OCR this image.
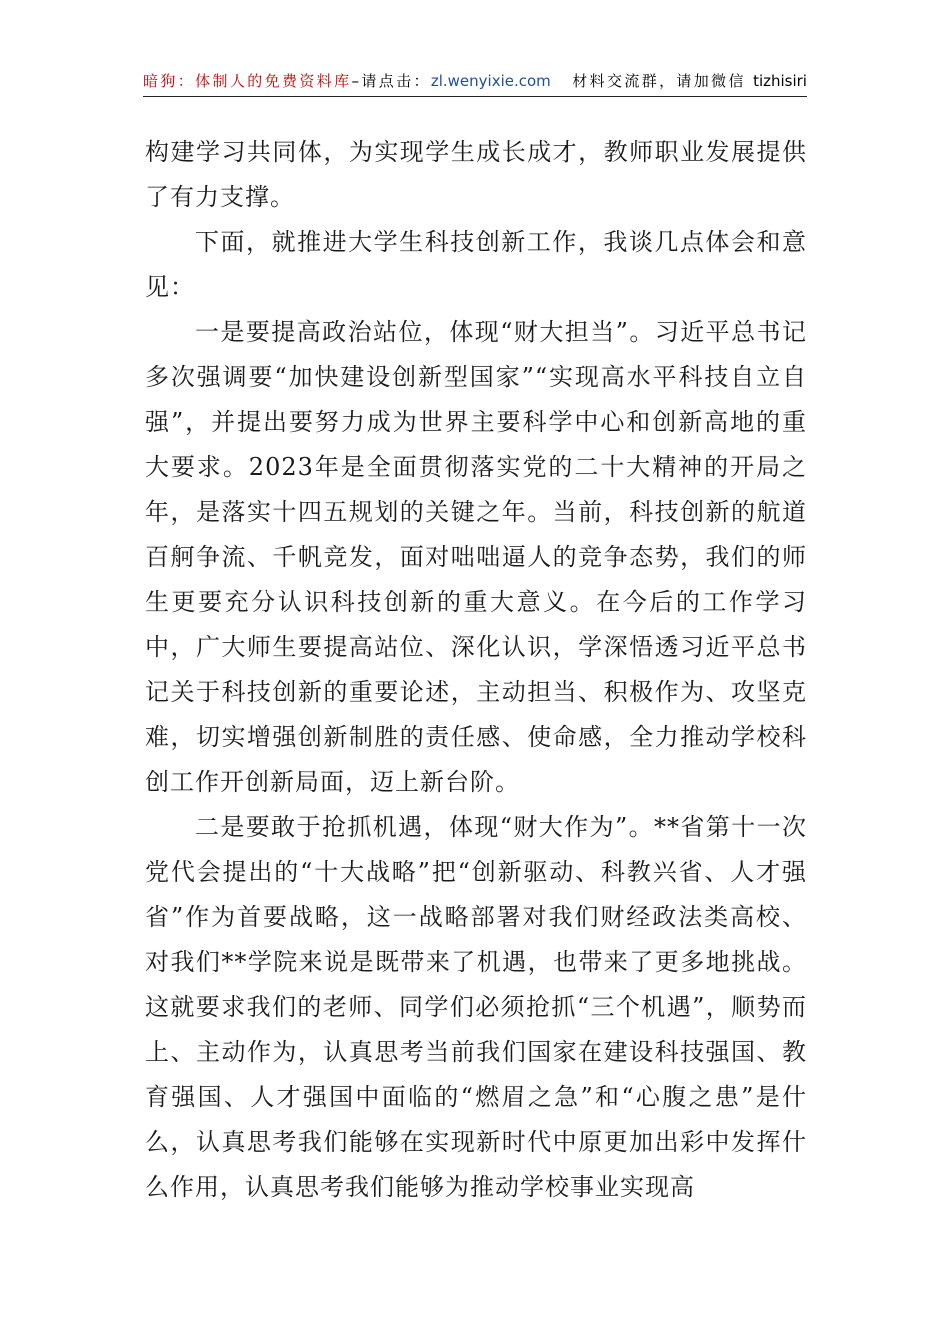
暗狗：体制人的免费资料库–请点击：zl.wenyixie.com 材料交流群，请加微信 tizhisiri

构建学习共同体，为实现学生成长成才，教师职业发展提供了有力支撑。

下面，就推进大学生科技创新工作，我谈几点体会和意见：

一是要提高政治站位，体现“财大担当”。习近平总书记多次强调要“加快建设创新型国家”“实现高水平科技自立自强”，并提出要努力成为世界主要科学中心和创新高地的重大要求。2023年是全面贯彻落实党的二十大精神的开局之年，是落实十四五规划的关键之年。当前，科技创新的航道百舸争流、千帆竞发，面对咄咄逼人的竞争态势，我们的师生更要充分认识科技创新的重大意义。在今后的工作学习中，广大师生要提高站位、深化认识，学深悟透习近平总书记关于科技创新的重要论述，主动担当、积极作为、攻坚克难，切实增强创新制胜的责任感、使命感，全力推动学校科创工作开创新局面，迈上新台阶。

二是要敢于抢抓机遇，体现“财大作为”。**省第十一次党代会提出的“十大战略”把“创新驱动、科教兴省、人才强省”作为首要战略，这一战略部署对我们财经政法类高校、对我们**学院来说是既带来了机遇，也带来了更多地挑战。这就要求我们的老师、同学们必须抢抓“三个机遇”，顺势而上、主动作为，认真思考当前我们国家在建设科技强国、教育强国、人才强国中面临的“燃眉之急”和“心腹之患”是什么，认真思考我们能够在实现新时代中原更加出彩中发挥什么作用，认真思考我们能够为推动学校事业实现高
